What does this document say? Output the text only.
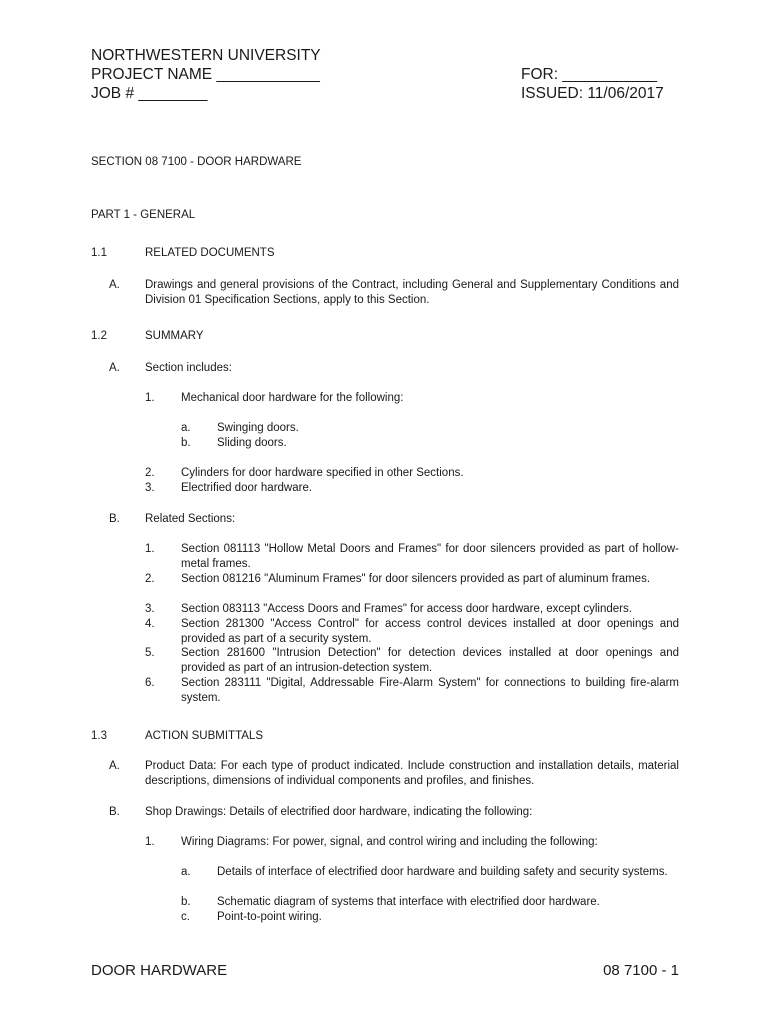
NORTHWESTERN UNIVERSITY
PROJECT NAME ____________
JOB # ________
FOR: ___________
ISSUED: 11/06/2017
SECTION 08 7100 - DOOR HARDWARE
PART 1 - GENERAL
1.1	RELATED DOCUMENTS
A. Drawings and general provisions of the Contract, including General and Supplementary Conditions and Division 01 Specification Sections, apply to this Section.
1.2	SUMMARY
A. Section includes:
1. Mechanical door hardware for the following:
a. Swinging doors.
b. Sliding doors.
2. Cylinders for door hardware specified in other Sections.
3. Electrified door hardware.
B. Related Sections:
1. Section 081113 "Hollow Metal Doors and Frames" for door silencers provided as part of hollow-metal frames.
2. Section 081216 "Aluminum Frames" for door silencers provided as part of aluminum frames.
3. Section 083113 "Access Doors and Frames" for access door hardware, except cylinders.
4. Section 281300 "Access Control" for access control devices installed at door openings and provided as part of a security system.
5. Section 281600 "Intrusion Detection" for detection devices installed at door openings and provided as part of an intrusion-detection system.
6. Section 283111 "Digital, Addressable Fire-Alarm System" for connections to building fire-alarm system.
1.3	ACTION SUBMITTALS
A. Product Data: For each type of product indicated. Include construction and installation details, material descriptions, dimensions of individual components and profiles, and finishes.
B. Shop Drawings: Details of electrified door hardware, indicating the following:
1. Wiring Diagrams: For power, signal, and control wiring and including the following:
a. Details of interface of electrified door hardware and building safety and security systems.
b. Schematic diagram of systems that interface with electrified door hardware.
c. Point-to-point wiring.
DOOR HARDWARE	08 7100 - 1
